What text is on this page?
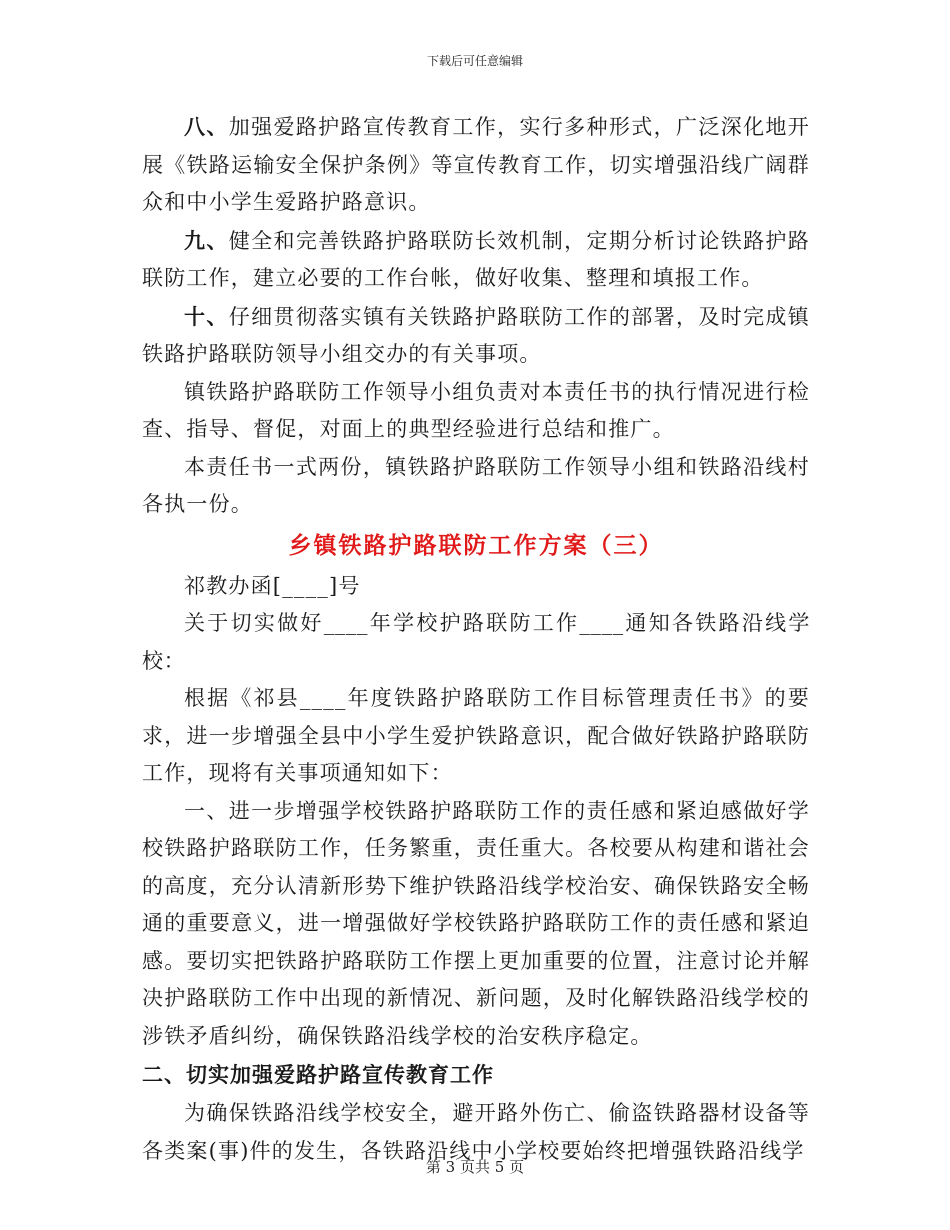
下载后可任意编辑

八、加强爱路护路宣传教育工作，实行多种形式，广泛深化地开展《铁路运输安全保护条例》等宣传教育工作，切实增强沿线广阔群众和中小学生爱路护路意识。

九、健全和完善铁路护路联防长效机制，定期分析讨论铁路护路联防工作，建立必要的工作台帐，做好收集、整理和填报工作。

十、仔细贯彻落实镇有关铁路护路联防工作的部署，及时完成镇铁路护路联防领导小组交办的有关事项。

镇铁路护路联防工作领导小组负责对本责任书的执行情况进行检查、指导、督促，对面上的典型经验进行总结和推广。

本责任书一式两份，镇铁路护路联防工作领导小组和铁路沿线村各执一份。

乡镇铁路护路联防工作方案（三）

祁教办函[____]号

关于切实做好____年学校护路联防工作____通知各铁路沿线学校：

根据《祁县____年度铁路护路联防工作目标管理责任书》的要求，进一步增强全县中小学生爱护铁路意识，配合做好铁路护路联防工作，现将有关事项通知如下：

一、进一步增强学校铁路护路联防工作的责任感和紧迫感做好学校铁路护路联防工作，任务繁重，责任重大。各校要从构建和谐社会的高度，充分认清新形势下维护铁路沿线学校治安、确保铁路安全畅通的重要意义，进一增强做好学校铁路护路联防工作的责任感和紧迫感。要切实把铁路护路联防工作摆上更加重要的位置，注意讨论并解决护路联防工作中出现的新情况、新问题，及时化解铁路沿线学校的涉铁矛盾纠纷，确保铁路沿线学校的治安秩序稳定。

二、切实加强爱路护路宣传教育工作

为确保铁路沿线学校安全，避开路外伤亡、偷盗铁路器材设备等各类案(事)件的发生，各铁路沿线中小学校要始终把增强铁路沿线学

第 3 页共 5 页
